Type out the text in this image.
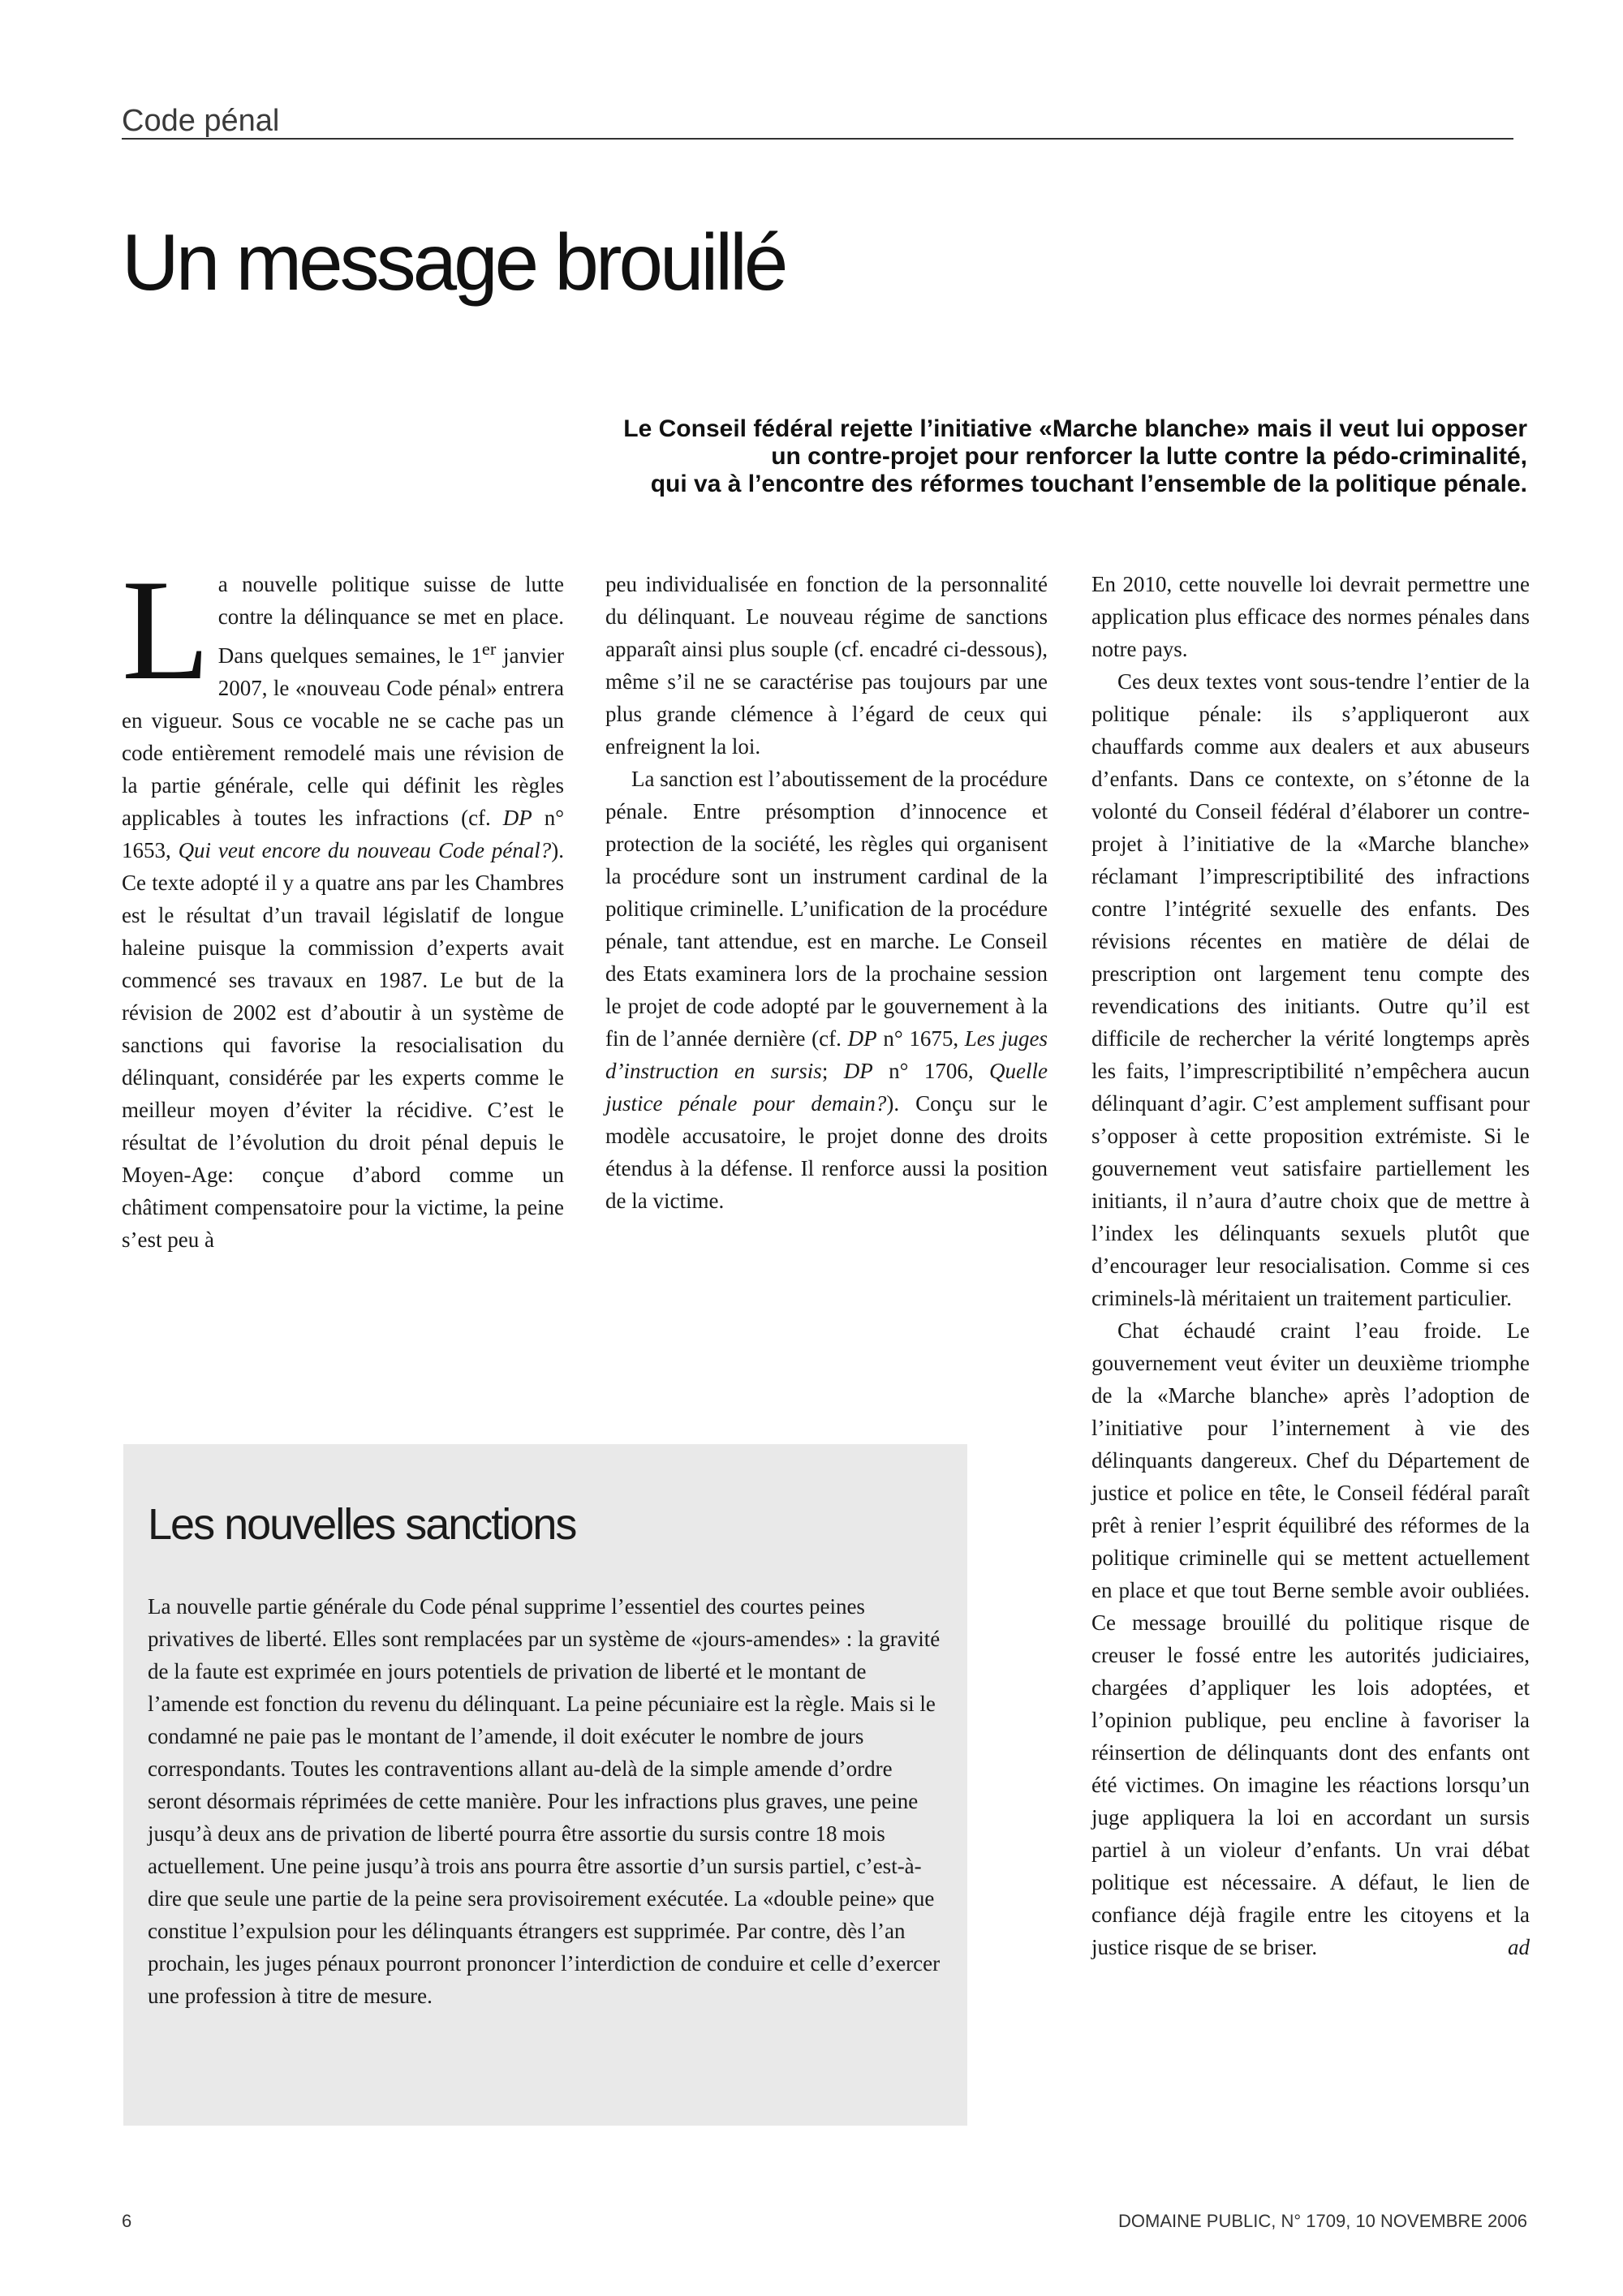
Code pénal
Un message brouillé
Le Conseil fédéral rejette l’initiative «Marche blanche» mais il veut lui opposer
un contre-projet pour renforcer la lutte contre la pédo-criminalité,
qui va à l’encontre des réformes touchant l’ensemble de la politique pénale.

La nouvelle politique suisse de lutte contre la délinquance se met en place. Dans quelques semaines, le 1er janvier 2007, le «nouveau Code pénal» entrera en vigueur. Sous ce vocable ne se cache pas un code entièrement remodelé mais une révision de la partie générale, celle qui définit les règles applicables à toutes les infractions (cf. DP n° 1653, Qui veut encore du nouveau Code pénal?). Ce texte adopté il y a quatre ans par les Chambres est le résultat d’un travail législatif de longue haleine puisque la commission d’experts avait commencé ses travaux en 1987. Le but de la révision de 2002 est d’aboutir à un système de sanctions qui favorise la resocialisation du délinquant, considérée par les experts comme le meilleur moyen d’éviter la récidive. C’est le résultat de l’évolution du droit pénal depuis le Moyen-Age: conçue d’abord comme un châtiment compensatoire pour la victime, la peine s’est peu à

peu individualisée en fonction de la personnalité du délinquant. Le nouveau régime de sanctions apparaît ainsi plus souple (cf. encadré ci-dessous), même s’il ne se caractérise pas toujours par une plus grande clémence à l’égard de ceux qui enfreignent la loi.

La sanction est l’aboutissement de la procédure pénale. Entre présomption d’innocence et protection de la société, les règles qui organisent la procédure sont un instrument cardinal de la politique criminelle. L’unification de la procédure pénale, tant attendue, est en marche. Le Conseil des Etats examinera lors de la prochaine session le projet de code adopté par le gouvernement à la fin de l’année dernière (cf. DP n° 1675, Les juges d’instruction en sursis; DP n° 1706, Quelle justice pénale pour demain?). Conçu sur le modèle accusatoire, le projet donne des droits étendus à la défense. Il renforce aussi la position de la victime.

En 2010, cette nouvelle loi devrait permettre une application plus efficace des normes pénales dans notre pays.

Ces deux textes vont sous-tendre l’entier de la politique pénale: ils s’appliqueront aux chauffards comme aux dealers et aux abuseurs d’enfants. Dans ce contexte, on s’étonne de la volonté du Conseil fédéral d’élaborer un contre-projet à l’initiative de la «Marche blanche» réclamant l’imprescriptibilité des infractions contre l’intégrité sexuelle des enfants. Des révisions récentes en matière de délai de prescription ont largement tenu compte des revendications des initiants. Outre qu’il est difficile de rechercher la vérité longtemps après les faits, l’imprescriptibilité n’empêchera aucun délinquant d’agir. C’est amplement suffisant pour s’opposer à cette proposition extrémiste. Si le gouvernement veut satisfaire partiellement les initiants, il n’aura d’autre choix que de mettre à l’index les délinquants sexuels plutôt que d’encourager leur resocialisation. Comme si ces criminels-là méritaient un traitement particulier.

Chat échaudé craint l’eau froide. Le gouvernement veut éviter un deuxième triomphe de la «Marche blanche» après l’adoption de l’initiative pour l’internement à vie des délinquants dangereux. Chef du Département de justice et police en tête, le Conseil fédéral paraît prêt à renier l’esprit équilibré des réformes de la politique criminelle qui se mettent actuellement en place et que tout Berne semble avoir oubliées. Ce message brouillé du politique risque de creuser le fossé entre les autorités judiciaires, chargées d’appliquer les lois adoptées, et l’opinion publique, peu encline à favoriser la réinsertion de délinquants dont des enfants ont été victimes. On imagine les réactions lorsqu’un juge appliquera la loi en accordant un sursis partiel à un violeur d’enfants. Un vrai débat politique est nécessaire. A défaut, le lien de confiance déjà fragile entre les citoyens et la justice risque de se briser.	ad

Les nouvelles sanctions
La nouvelle partie générale du Code pénal supprime l’essentiel des courtes peines privatives de liberté. Elles sont remplacées par un système de «jours-amendes» : la gravité de la faute est exprimée en jours potentiels de privation de liberté et le montant de l’amende est fonction du revenu du délinquant. La peine pécuniaire est la règle. Mais si le condamné ne paie pas le montant de l’amende, il doit exécuter le nombre de jours correspondants. Toutes les contraventions allant au-delà de la simple amende d’ordre seront désormais réprimées de cette manière. Pour les infractions plus graves, une peine jusqu’à deux ans de privation de liberté pourra être assortie du sursis contre 18 mois actuellement. Une peine jusqu’à trois ans pourra être assortie d’un sursis partiel, c’est-à-dire que seule une partie de la peine sera provisoirement exécutée. La «double peine» que constitue l’expulsion pour les délinquants étrangers est supprimée. Par contre, dès l’an prochain, les juges pénaux pourront prononcer l’interdiction de conduire et celle d’exercer une profession à titre de mesure.
6	DOMAINE PUBLIC, N° 1709, 10 NOVEMBRE 2006
